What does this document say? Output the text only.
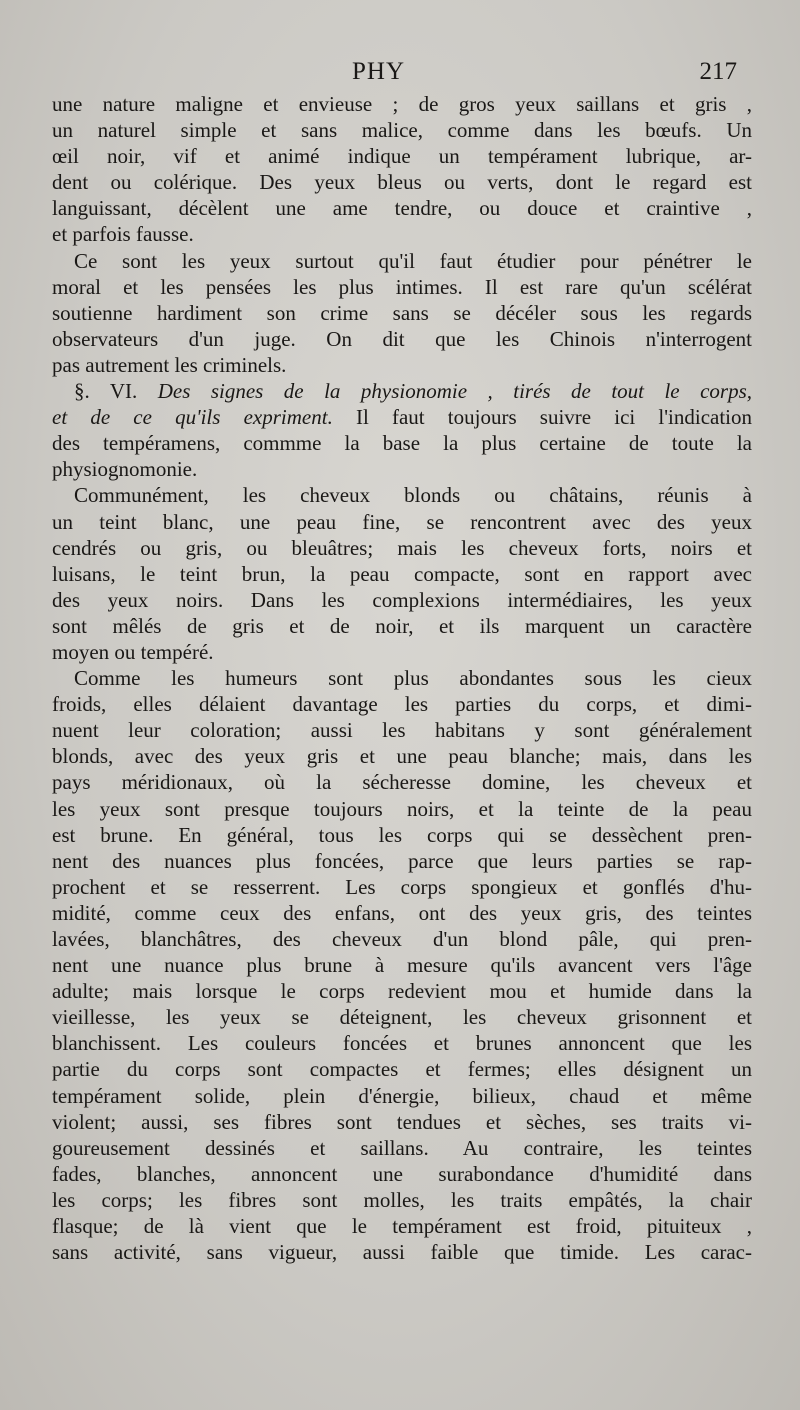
PHY	217
une nature maligne et envieuse ; de gros yeux saillans et gris ,
un naturel simple et sans malice, comme dans les bœufs. Un
œil noir, vif et animé indique un tempérament lubrique, ar-
dent ou colérique. Des yeux bleus ou verts, dont le regard est
languissant, décèlent une ame tendre, ou douce et craintive ,
et parfois fausse.
Ce sont les yeux surtout qu'il faut étudier pour pénétrer le
moral et les pensées les plus intimes. Il est rare qu'un scélérat
soutienne hardiment son crime sans se décéler sous les regards
observateurs d'un juge. On dit que les Chinois n'interrogent
pas autrement les criminels.
§. VI. Des signes de la physionomie , tirés de tout le corps,
et de ce qu'ils expriment. Il faut toujours suivre ici l'indication
des tempéramens, commme la base la plus certaine de toute la
physiognomonie.
Communément, les cheveux blonds ou châtains, réunis à
un teint blanc, une peau fine, se rencontrent avec des yeux
cendrés ou gris, ou bleuâtres; mais les cheveux forts, noirs et
luisans, le teint brun, la peau compacte, sont en rapport avec
des yeux noirs. Dans les complexions intermédiaires, les yeux
sont mêlés de gris et de noir, et ils marquent un caractère
moyen ou tempéré.
Comme les humeurs sont plus abondantes sous les cieux
froids, elles délaient davantage les parties du corps, et dimi-
nuent leur coloration; aussi les habitans y sont généralement
blonds, avec des yeux gris et une peau blanche; mais, dans les
pays méridionaux, où la sécheresse domine, les cheveux et
les yeux sont presque toujours noirs, et la teinte de la peau
est brune. En général, tous les corps qui se dessèchent pren-
nent des nuances plus foncées, parce que leurs parties se rap-
prochent et se resserrent. Les corps spongieux et gonflés d'hu-
midité, comme ceux des enfans, ont des yeux gris, des teintes
lavées, blanchâtres, des cheveux d'un blond pâle, qui pren-
nent une nuance plus brune à mesure qu'ils avancent vers l'âge
adulte; mais lorsque le corps redevient mou et humide dans la
vieillesse, les yeux se déteignent, les cheveux grisonnent et
blanchissent. Les couleurs foncées et brunes annoncent que les
partie du corps sont compactes et fermes; elles désignent un
tempérament solide, plein d'énergie, bilieux, chaud et même
violent; aussi, ses fibres sont tendues et sèches, ses traits vi-
goureusement dessinés et saillans. Au contraire, les teintes
fades, blanches, annoncent une surabondance d'humidité dans
les corps; les fibres sont molles, les traits empâtés, la chair
flasque; de là vient que le tempérament est froid, pituiteux ,
sans activité, sans vigueur, aussi faible que timide. Les carac-
